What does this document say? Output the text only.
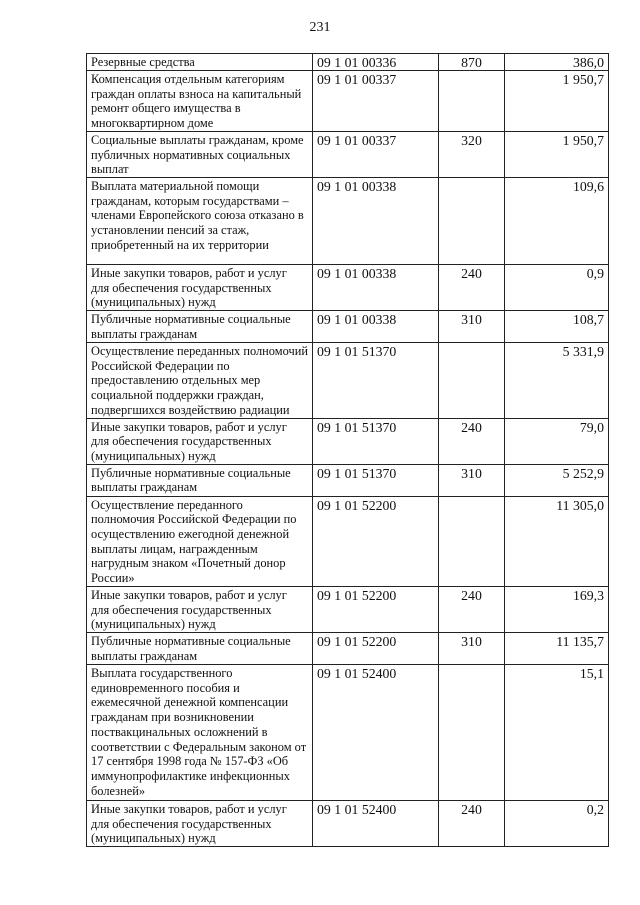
231
Резервные средства	09 1 01 00336	870	386,0
Компенсация отдельным категориям граждан оплаты взноса на капитальный ремонт общего имущества в многоквартирном доме	09 1 01 00337		1 950,7
Социальные выплаты гражданам, кроме публичных нормативных социальных выплат	09 1 01 00337	320	1 950,7
Выплата материальной помощи гражданам, которым государствами – членами Европейского союза отказано в установлении пенсий за стаж, приобретенный на их территории	09 1 01 00338		109,6
Иные закупки товаров, работ и услуг для обеспечения государственных (муниципальных) нужд	09 1 01 00338	240	0,9
Публичные нормативные социальные выплаты гражданам	09 1 01 00338	310	108,7
Осуществление переданных полномочий Российской Федерации по предоставлению отдельных мер социальной поддержки граждан, подвергшихся воздействию радиации	09 1 01 51370		5 331,9
Иные закупки товаров, работ и услуг для обеспечения государственных (муниципальных) нужд	09 1 01 51370	240	79,0
Публичные нормативные социальные выплаты гражданам	09 1 01 51370	310	5 252,9
Осуществление переданного полномочия Российской Федерации по осуществлению ежегодной денежной выплаты лицам, награжденным нагрудным знаком «Почетный донор России»	09 1 01 52200		11 305,0
Иные закупки товаров, работ и услуг для обеспечения государственных (муниципальных) нужд	09 1 01 52200	240	169,3
Публичные нормативные социальные выплаты гражданам	09 1 01 52200	310	11 135,7
Выплата государственного единовременного пособия и ежемесячной денежной компенсации гражданам при возникновении поствакцинальных осложнений в соответствии с Федеральным законом от 17 сентября 1998 года № 157-ФЗ «Об иммунопрофилактике инфекционных болезней»	09 1 01 52400		15,1
Иные закупки товаров, работ и услуг для обеспечения государственных (муниципальных) нужд	09 1 01 52400	240	0,2
